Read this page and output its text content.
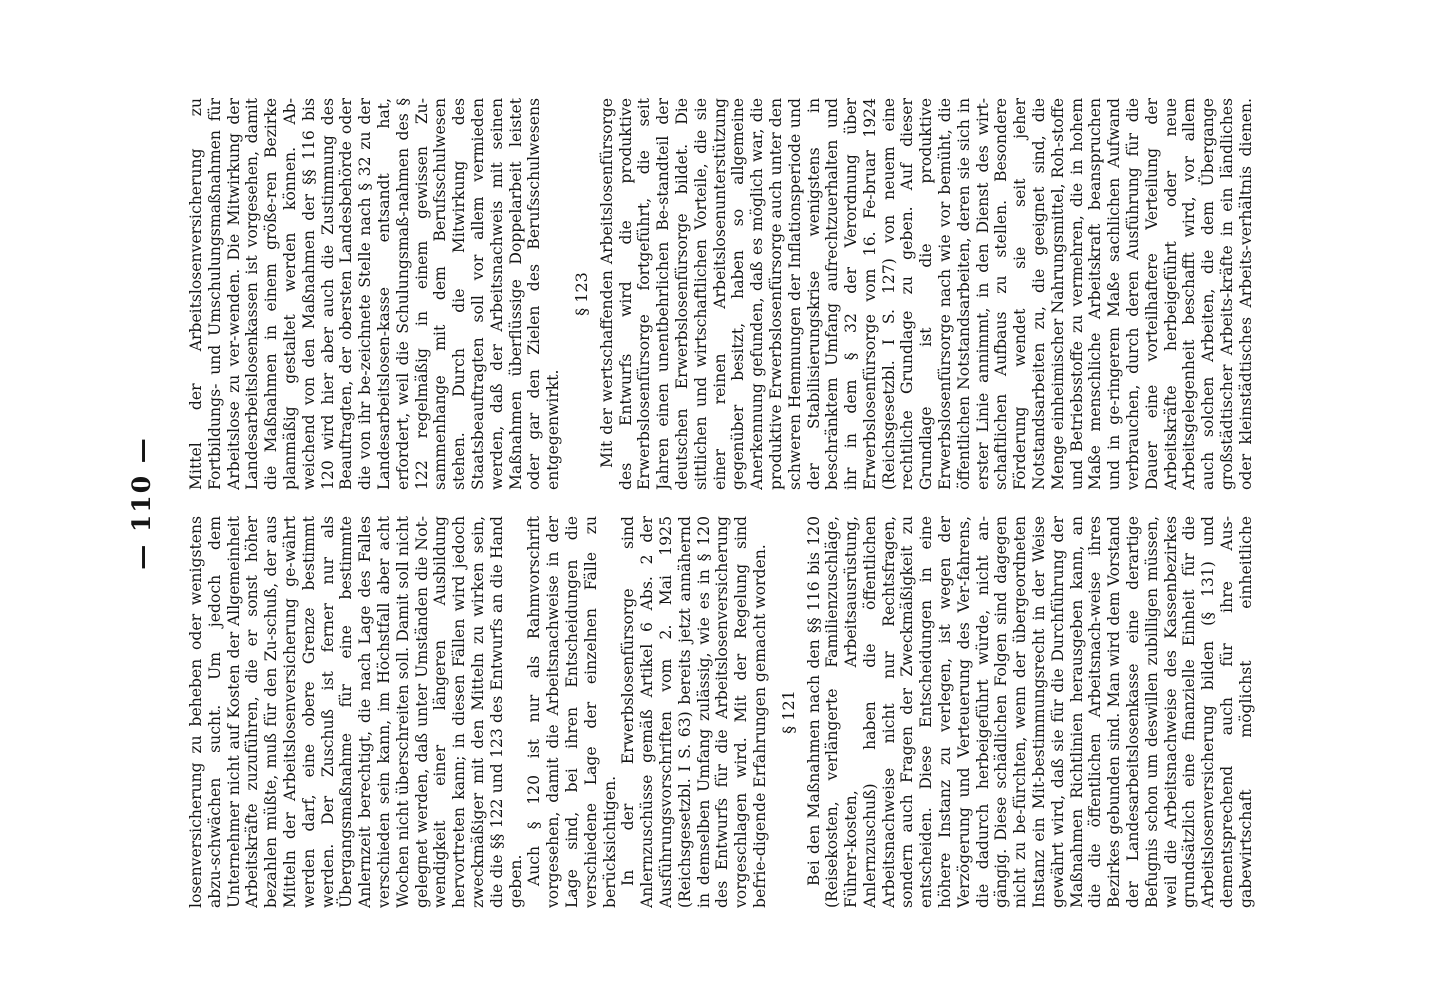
— 110 —

losenversicherung zu beheben oder wenigstens abzu-schwächen sucht. Um jedoch dem Unternehmer nicht auf Kosten der Allgemeinheit Arbeitskräfte zuzuführen, die er sonst höher bezahlen müßte, muß für den Zu-schuß, der aus Mitteln der Arbeitslosenversicherung ge-währt werden darf, eine obere Grenze bestimmt werden. Der Zuschuß ist ferner nur als Übergangsmaßnahme für eine bestimmte Anlernzeit berechtigt, die nach Lage des Falles verschieden sein kann, im Höchstfall aber acht Wochen nicht überschreiten soll. Damit soll nicht gelegnet werden, daß unter Umständen die Not-wendigkeit einer längeren Ausbildung hervortreten kann; in diesen Fällen wird jedoch zweckmäßiger mit den Mitteln zu wirken sein, die die §§ 122 und 123 des Entwurfs an die Hand geben. Auch § 120 ist nur als Rahmvorschrift vorgesehen, damit die Arbeitsnachweise in der Lage sind, bei ihren Entscheidungen die verschiedene Lage der einzelnen Fälle zu berücksichtigen. In der Erwerbslosenfürsorge sind Anlernzuschüsse gemäß Artikel 6 Abs. 2 der Ausführungsvorschriften vom 2. Mai 1925 (Reichsgesetzbl. I S. 63) bereits jetzt annähernd in demselben Umfang zulässig, wie es in § 120 des Entwurfs für die Arbeitslosenversicherung vorgeschlagen wird. Mit der Regelung sind befrie-digende Erfahrungen gemacht worden. § 121

Bei den Maßnahmen nach den §§ 116 bis 120 (Reisekosten, verlängerte Familienzuschläge, Führer-kosten, Arbeitsausrüstung, Anlernzuschuß) haben die öffentlichen Arbeitsnachweise nicht nur Rechtsfragen, sondern auch Fragen der Zweckmäßigkeit zu entscheiden. Diese Entscheidungen in eine höhere Instanz zu verlegen, ist wegen der Verzögerung und Verteuerung des Ver-fahrens, die dadurch herbeigeführt würde, nicht an-gängig. Diese schädlichen Folgen sind dagegen nicht zu be-fürchten, wenn der übergeordneten Instanz ein Mit-bestimmungsrecht in der Weise gewährt wird, daß sie für die Durchführung der Maßnahmen Richtlinien herausgeben kann, an die die öffentlichen Arbeitsnach-weise ihres Bezirkes gebunden sind. Man wird dem Vorstand der Landesarbeitslosenkasse eine derartige Befugnis schon um deswillen zubilligen müssen, weil die Arbeitsnachweise des Kassenbezirkes grundsätzlich eine finanzielle Einheit für die Arbeitslosenversicherung bilden (§ 131) und dementsprechend auch für ihre Aus-gabewirtschaft möglichst einheitliche

Mittel der Arbeitslosenversicherung zu Fortbildungs- und Umschulungsmaßnahmen für Arbeitslose zu ver-wenden. Die Mitwirkung der Landesarbeitslosenkassen ist vorgesehen, damit die Maßnahmen in einem größe-ren Bezirke planmäßig gestaltet werden können. Ab-weichend von den Maßnahmen der §§ 116 bis 120 wird hier aber auch die Zustimmung des Beauftragten, der obersten Landesbehörde oder die von ihr be-zeichnete Stelle nach § 32 zu der Landesarbeitslosen-kasse entsandt hat, erfordert, weil die Schulungsmaß-nahmen des § 122 regelmäßig in einem gewissen Zu-sammenhange mit dem Berufsschulwesen stehen. Durch die Mitwirkung des Staatsbeauftragten soll vor allem vermieden werden, daß der Arbeitsnachweis mit seinen Maßnahmen überflüssige Doppelarbeit leistet oder gar den Zielen des Berufsschulwesens entgegenwirkt.

§ 123

Mit der wertschaffenden Arbeitslosenfürsorge des Entwurfs wird die produktive Erwerbslosenfürsorge fortgeführt, die seit Jahren einen unentbehrlichen Be-standteil der deutschen Erwerbslosenfürsorge bildet. Die sittlichen und wirtschaftlichen Vorteile, die sie einer reinen Arbeitslosenunterstützung gegenüber besitzt, haben so allgemeine Anerkennung gefunden, daß es möglich war, die produktive Erwerbslosenfürsorge auch unter den schweren Hemmungen der Inflationsperiode und der Stabilisierungskrise wenigstens in beschränktem Umfang aufrechtzuerhalten und ihr in dem § 32 der Verordnung über Erwerbslosenfürsorge vom 16. Fe-bruar 1924 (Reichsgesetzbl. I S. 127) von neuem eine rechtliche Grundlage zu geben. Auf dieser Grundlage ist die produktive Erwerbslosenfürsorge nach wie vor bemüht, die öffentlichen Notstandsarbeiten, deren sie sich in erster Linie annimmt, in den Dienst des wirt-schaftlichen Aufbaus zu stellen. Besondere Förderung wendet sie seit jeher Notstandsarbeiten zu, die geeignet sind, die Menge einheimischer Nahrungsmittel, Roh-stoffe und Betriebsstoffe zu vermehren, die in hohem Maße menschliche Arbeitskraft beanspruchen und in ge-ringerem Maße sachlichen Aufwand verbrauchen, durch deren Ausführung für die Dauer eine vorteilhaftere Verteilung der Arbeitskräfte herbeigeführt oder neue Arbeitsgelegenheit beschafft wird, vor allem auch solchen Arbeiten, die dem Übergange großstädtischer Arbeits-kräfte in ein ländliches oder kleinstädtisches Arbeits-verhältnis dienen.
